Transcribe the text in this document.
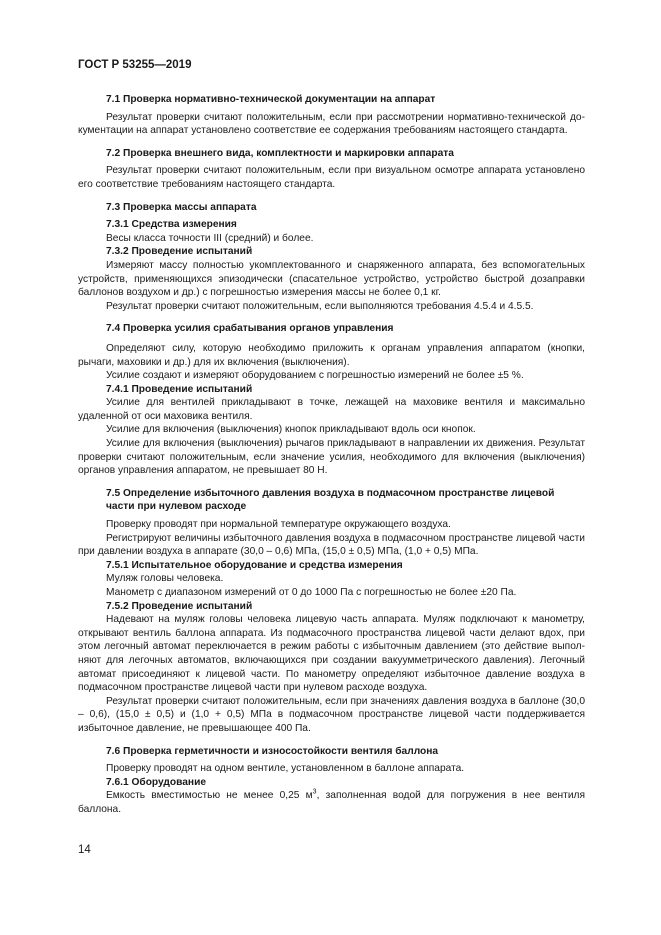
ГОСТ Р 53255—2019
7.1 Проверка нормативно-технической документации на аппарат

Результат проверки считают положительным, если при рассмотрении нормативно-технической документации на аппарат установлено соответствие ее содержания требованиям настоящего стандарта.

7.2 Проверка внешнего вида, комплектности и маркировки аппарата

Результат проверки считают положительным, если при визуальном осмотре аппарата установлено его соответствие требованиям настоящего стандарта.

7.3 Проверка массы аппарата
7.3.1 Средства измерения

Весы класса точности III (средний) и более.

7.3.2 Проведение испытаний

Измеряют массу полностью укомплектованного и снаряженного аппарата, без вспомогательных устройств, применяющихся эпизодически (спасательное устройство, устройство быстрой дозаправки баллонов воздухом и др.) с погрешностью измерения массы не более 0,1 кг.

Результат проверки считают положительным, если выполняются требования 4.5.4 и 4.5.5.

7.4 Проверка усилия срабатывания органов управления

Определяют силу, которую необходимо приложить к органам управления аппаратом (кнопки, рычаги, маховики и др.) для их включения (выключения).

Усилие создают и измеряют оборудованием с погрешностью измерений не более ±5 %.

7.4.1 Проведение испытаний

Усилие для вентилей прикладывают в точке, лежащей на маховике вентиля и максимально удаленной от оси маховика вентиля.

Усилие для включения (выключения) кнопок прикладывают вдоль оси кнопок.

Усилие для включения (выключения) рычагов прикладывают в направлении их движения. Результат проверки считают положительным, если значение усилия, необходимого для включения (выключения) органов управления аппаратом, не превышает 80 Н.

7.5 Определение избыточного давления воздуха в подмасочном пространстве лицевой части при нулевом расходе

Проверку проводят при нормальной температуре окружающего воздуха.

Регистрируют величины избыточного давления воздуха в подмасочном пространстве лицевой части при давлении воздуха в аппарате (30,0 – 0,6) МПа, (15,0 ± 0,5) МПа, (1,0 + 0,5) МПа.

7.5.1 Испытательное оборудование и средства измерения

Муляж головы человека.

Манометр с диапазоном измерений от 0 до 1000 Па с погрешностью не более ±20 Па.

7.5.2 Проведение испытаний

Надевают на муляж головы человека лицевую часть аппарата. Муляж подключают к манометру, открывают вентиль баллона аппарата. Из подмасочного пространства лицевой части делают вдох, при этом легочный автомат переключается в режим работы с избыточным давлением (это действие выполняют для легочных автоматов, включающихся при создании вакуумметрического давления). Легочный автомат присоединяют к лицевой части. По манометру определяют избыточное давление воздуха в подмасочном пространстве лицевой части при нулевом расходе воздуха.

Результат проверки считают положительным, если при значениях давления воздуха в баллоне (30,0 – 0,6), (15,0 ± 0,5) и (1,0 + 0,5) МПа в подмасочном пространстве лицевой части поддерживается избыточное давление, не превышающее 400 Па.

7.6 Проверка герметичности и износостойкости вентиля баллона

Проверку проводят на одном вентиле, установленном в баллоне аппарата.

7.6.1 Оборудование

Емкость вместимостью не менее 0,25 $м^3$, заполненная водой для погружения в нее вентиля баллона.

14
